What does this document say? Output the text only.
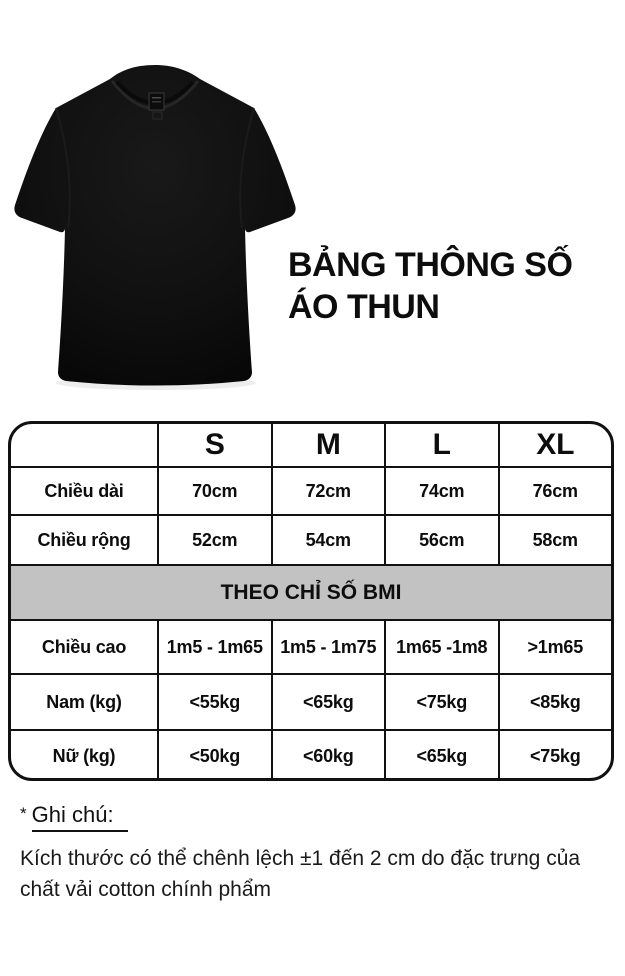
BẢNG THÔNG SỐ
ÁO THUN
	S	M	L	XL
Chiều dài	70cm	72cm	74cm	76cm
Chiều rộng	52cm	54cm	56cm	58cm
THEO CHỈ SỐ BMI				
Chiều cao	1m5 - 1m65	1m5 - 1m75	1m65 -1m8	>1m65
Nam (kg)	<55kg	<65kg	<75kg	<85kg
Nữ (kg)	<50kg	<60kg	<65kg	<75kg
* Ghi chú:
Kích thước có thể chênh lệch ±1 đến 2 cm do đặc trưng của chất vải cotton chính phẩm
